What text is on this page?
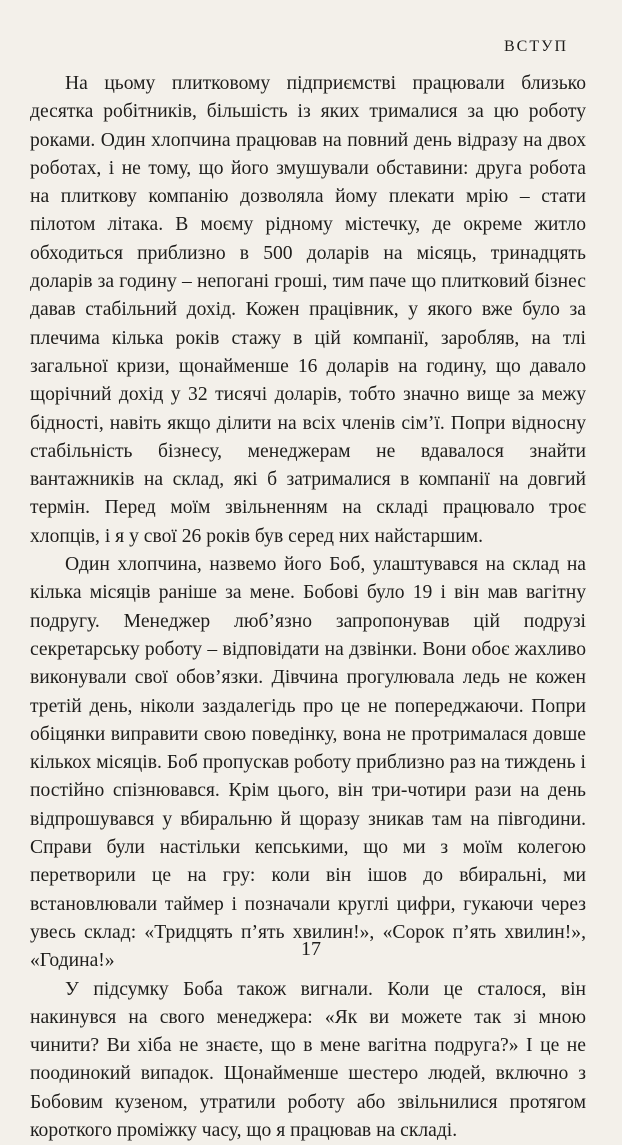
ВСТУП

На цьому плитковому підприємстві працювали близько десятка робітників, більшість із яких трималися за цю роботу роками. Один хлопчина працював на повний день відразу на двох роботах, і не тому, що його змушували обставини: друга робота на плиткову компанію дозволяла йому плекати мрію – стати пілотом літака. В моєму рідному містечку, де окреме житло обходиться приблизно в 500 доларів на місяць, тринадцять доларів за годину – непогані гроші, тим паче що плитковий бізнес давав стабільний дохід. Кожен працівник, у якого вже було за плечима кілька років стажу в цій компанії, заробляв, на тлі загальної кризи, щонайменше 16 доларів на годину, що давало щорічний дохід у 32 тисячі доларів, тобто значно вище за межу бідності, навіть якщо ділити на всіх членів сім’ї. Попри відносну стабільність бізнесу, менеджерам не вдавалося знайти вантажників на склад, які б затрималися в компанії на довгий термін. Перед моїм звільненням на складі працювало троє хлопців, і я у свої 26 років був серед них найстаршим.

Один хлопчина, назвемо його Боб, улаштувався на склад на кілька місяців раніше за мене. Бобові було 19 і він мав вагітну подругу. Менеджер люб’язно запропонував цій подрузі секретарську роботу – відповідати на дзвінки. Вони обоє жахливо виконували свої обов’язки. Дівчина прогулювала ледь не кожен третій день, ніколи заздалегідь про це не попереджаючи. Попри обіцянки виправити свою поведінку, вона не протрималася довше кількох місяців. Боб пропускав роботу приблизно раз на тиждень і постійно спізнювався. Крім цього, він три-чотири рази на день відпрошувався у вбиральню й щоразу зникав там на півгодини. Справи були настільки кепськими, що ми з моїм колегою перетворили це на гру: коли він ішов до вбиральні, ми встановлювали таймер і позначали круглі цифри, гукаючи через увесь склад: «Тридцять п’ять хвилин!», «Сорок п’ять хвилин!», «Година!»

У підсумку Боба також вигнали. Коли це сталося, він накинувся на свого менеджера: «Як ви можете так зі мною чинити? Ви хіба не знаєте, що в мене вагітна подруга?» І це не поодинокий випадок. Щонайменше шестеро людей, включно з Бобовим кузеном, утратили роботу або звільнилися протягом короткого проміжку часу, що я працював на складі.

17
